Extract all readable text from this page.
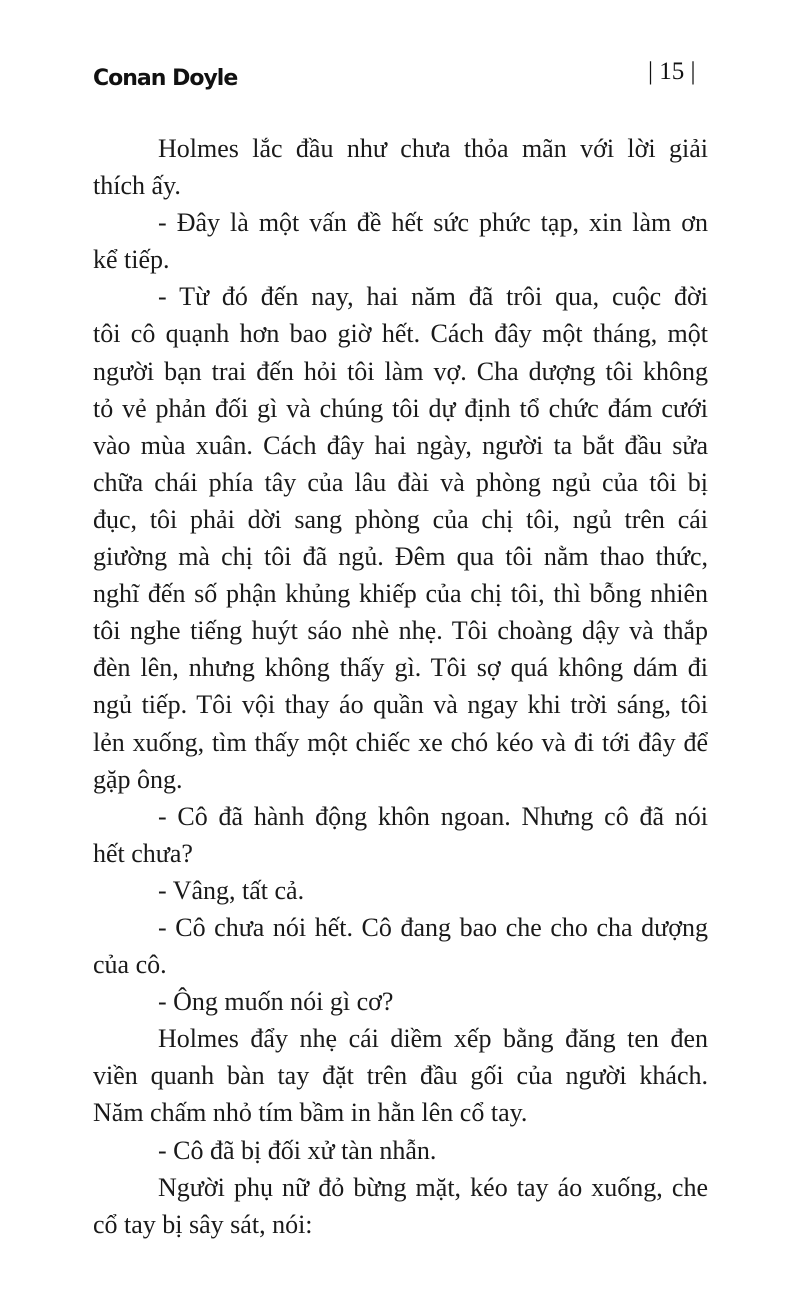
Conan Doyle	| 15 |
Holmes lắc đầu như chưa thỏa mãn với lời giải
thích ấy.
- Đây là một vấn đề hết sức phức tạp, xin làm ơn
kể tiếp.
- Từ đó đến nay, hai năm đã trôi qua, cuộc đời
tôi cô quạnh hơn bao giờ hết. Cách đây một tháng, một
người bạn trai đến hỏi tôi làm vợ. Cha dượng tôi không
tỏ vẻ phản đối gì và chúng tôi dự định tổ chức đám cưới
vào mùa xuân. Cách đây hai ngày, người ta bắt đầu sửa
chữa chái phía tây của lâu đài và phòng ngủ của tôi bị
đục, tôi phải dời sang phòng của chị tôi, ngủ trên cái
giường mà chị tôi đã ngủ. Đêm qua tôi nằm thao thức,
nghĩ đến số phận khủng khiếp của chị tôi, thì bỗng nhiên
tôi nghe tiếng huýt sáo nhè nhẹ. Tôi choàng dậy và thắp
đèn lên, nhưng không thấy gì. Tôi sợ quá không dám đi
ngủ tiếp. Tôi vội thay áo quần và ngay khi trời sáng, tôi
lẻn xuống, tìm thấy một chiếc xe chó kéo và đi tới đây để
gặp ông.
- Cô đã hành động khôn ngoan. Nhưng cô đã nói
hết chưa?
- Vâng, tất cả.
- Cô chưa nói hết. Cô đang bao che cho cha dượng
của cô.
- Ông muốn nói gì cơ?
Holmes đẩy nhẹ cái diềm xếp bằng đăng ten đen
viền quanh bàn tay đặt trên đầu gối của người khách.
Năm chấm nhỏ tím bầm in hằn lên cổ tay.
- Cô đã bị đối xử tàn nhẫn.
Người phụ nữ đỏ bừng mặt, kéo tay áo xuống, che
cổ tay bị sây sát, nói:
